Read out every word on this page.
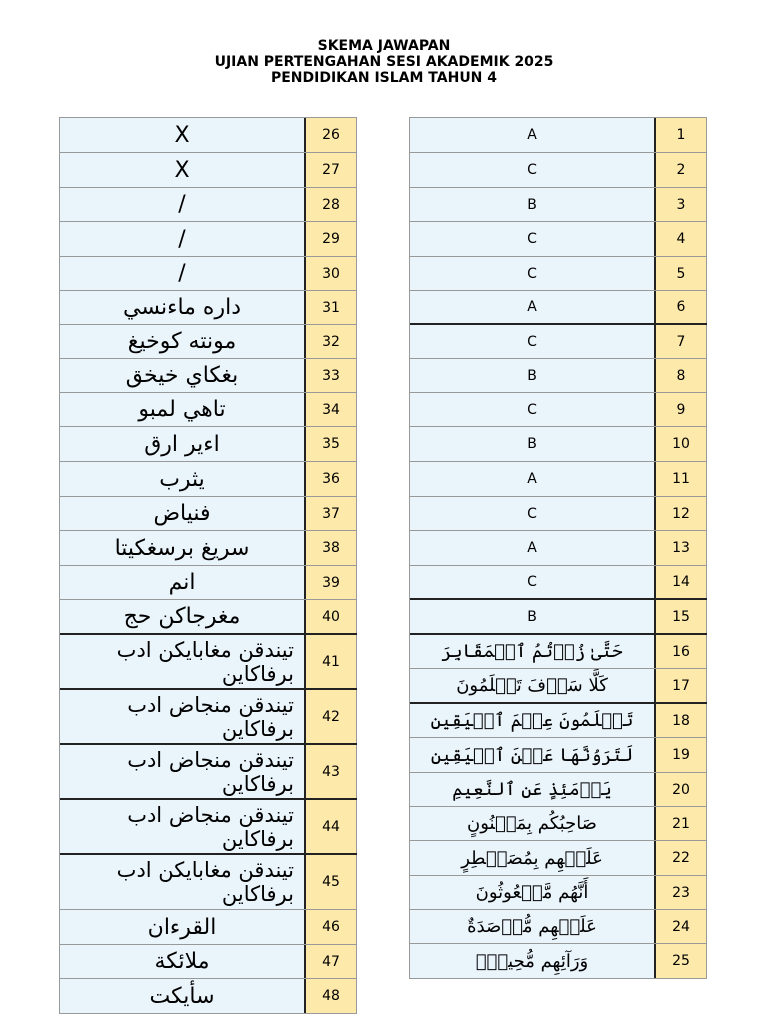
SKEMA JAWAPAN
UJIAN PERTENGAHAN SESI AKADEMIK 2025
PENDIDIKAN ISLAM TAHUN 4
X	26
X	27
/	28
/	29
/	30
داره ماءنسي	31
مونته كوخيغ	32
بغكاي خيخق	33
تاهي لمبو	34
اءير ارق	35
يثرب	36
فنياض	37
سريغ برسغكيتا	38
انم	39
مغرجاكن حج	40
تيندقن مغابايكن ادب برفاكاين	41
تيندقن منجاض ادب برفاكاين	42
تيندقن منجاض ادب برفاكاين	43
تيندقن منجاض ادب برفاكاين	44
تيندقن مغابايكن ادب برفاكاين	45
القرءان	46
ملائكة	47
سأيكت	48
A	1
C	2
B	3
C	4
C	5
A	6
C	7
B	8
C	9
B	10
A	11
C	12
A	13
C	14
B	15
حَتَّىٰ زُرۡتُمُ ٱلۡمَقَابِرَ	16
كَلَّا سَوۡفَ تَعۡلَمُونَ	17
تَعۡلَمُونَ عِلۡمَ ٱلۡيَقِينِ	18
لَتَرَوُنَّهَا عَيۡنَ ٱلۡيَقِينِ	19
يَوۡمَئِذٍ عَنِ ٱلنَّعِيمِ	20
صَاحِبُكُم بِمَجۡنُونٍ	21
عَلَيۡهِم بِمُصَيۡطِرٍ	22
أَنَّهُم مَّبۡعُوثُونَ	23
عَلَيۡهِم مُّؤۡصَدَةٌ	24
وَرَآئِهِم مُّحِيطُۢ	25
